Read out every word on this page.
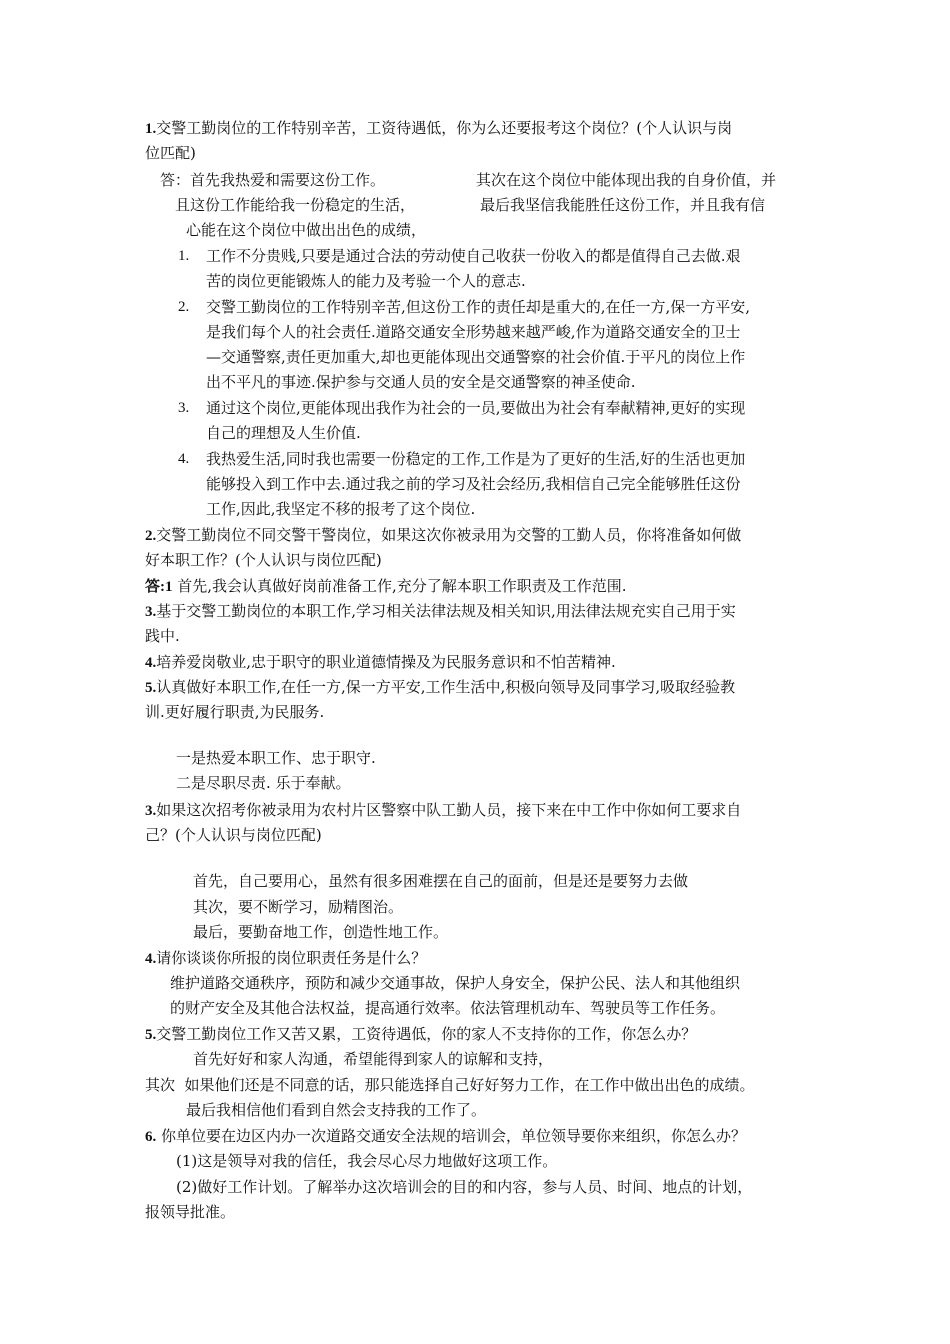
1.交警工勤岗位的工作特别辛苦，工资待遇低，你为么还要报考这个岗位？(个人认识与岗
位匹配)
答：首先我热爱和需要这份工作。	其次在这个岗位中能体现出我的自身价值，并
且这份工作能给我一份稳定的生活，	最后我坚信我能胜任这份工作，并且我有信
心能在这个岗位中做出出色的成绩，
1. 工作不分贵贱,只要是通过合法的劳动使自己收获一份收入的都是值得自己去做.艰
苦的岗位更能锻炼人的能力及考验一个人的意志.
2. 交警工勤岗位的工作特别辛苦,但这份工作的责任却是重大的,在任一方,保一方平安,
是我们每个人的社会责任.道路交通安全形势越来越严峻,作为道路交通安全的卫士
—交通警察,责任更加重大,却也更能体现出交通警察的社会价值.于平凡的岗位上作
出不平凡的事迹.保护参与交通人员的安全是交通警察的神圣使命.
3. 通过这个岗位,更能体现出我作为社会的一员,要做出为社会有奉献精神,更好的实现
自己的理想及人生价值.
4. 我热爱生活,同时我也需要一份稳定的工作,工作是为了更好的生活,好的生活也更加
能够投入到工作中去.通过我之前的学习及社会经历,我相信自己完全能够胜任这份
工作,因此,我坚定不移的报考了这个岗位.
2.交警工勤岗位不同交警干警岗位，如果这次你被录用为交警的工勤人员，你将准备如何做
好本职工作？(个人认识与岗位匹配)
答:1 首先,我会认真做好岗前准备工作,充分了解本职工作职责及工作范围.
3.基于交警工勤岗位的本职工作,学习相关法律法规及相关知识,用法律法规充实自己用于实
践中.
4.培养爱岗敬业,忠于职守的职业道德情操及为民服务意识和不怕苦精神.
5.认真做好本职工作,在任一方,保一方平安,工作生活中,积极向领导及同事学习,吸取经验教
训.更好履行职责,为民服务.
一是热爱本职工作、忠于职守.
二是尽职尽责. 乐于奉献。
3.如果这次招考你被录用为农村片区警察中队工勤人员，接下来在中工作中你如何工要求自
己？(个人认识与岗位匹配)
首先，自己要用心，虽然有很多困难摆在自己的面前，但是还是要努力去做
其次，要不断学习，励精图治。
最后，要勤奋地工作，创造性地工作。
4.请你谈谈你所报的岗位职责任务是什么？
维护道路交通秩序，预防和减少交通事故，保护人身安全，保护公民、法人和其他组织
的财产安全及其他合法权益，提高通行效率。依法管理机动车、驾驶员等工作任务。
5.交警工勤岗位工作又苦又累，工资待遇低，你的家人不支持你的工作，你怎么办？
首先好好和家人沟通，希望能得到家人的谅解和支持，
其次  如果他们还是不同意的话，那只能选择自己好好努力工作，在工作中做出出色的成绩。
最后我相信他们看到自然会支持我的工作了。
6. 你单位要在边区内办一次道路交通安全法规的培训会，单位领导要你来组织，你怎么办？
(1)这是领导对我的信任，我会尽心尽力地做好这项工作。
(2)做好工作计划。了解举办这次培训会的目的和内容，参与人员、时间、地点的计划，
报领导批准。
